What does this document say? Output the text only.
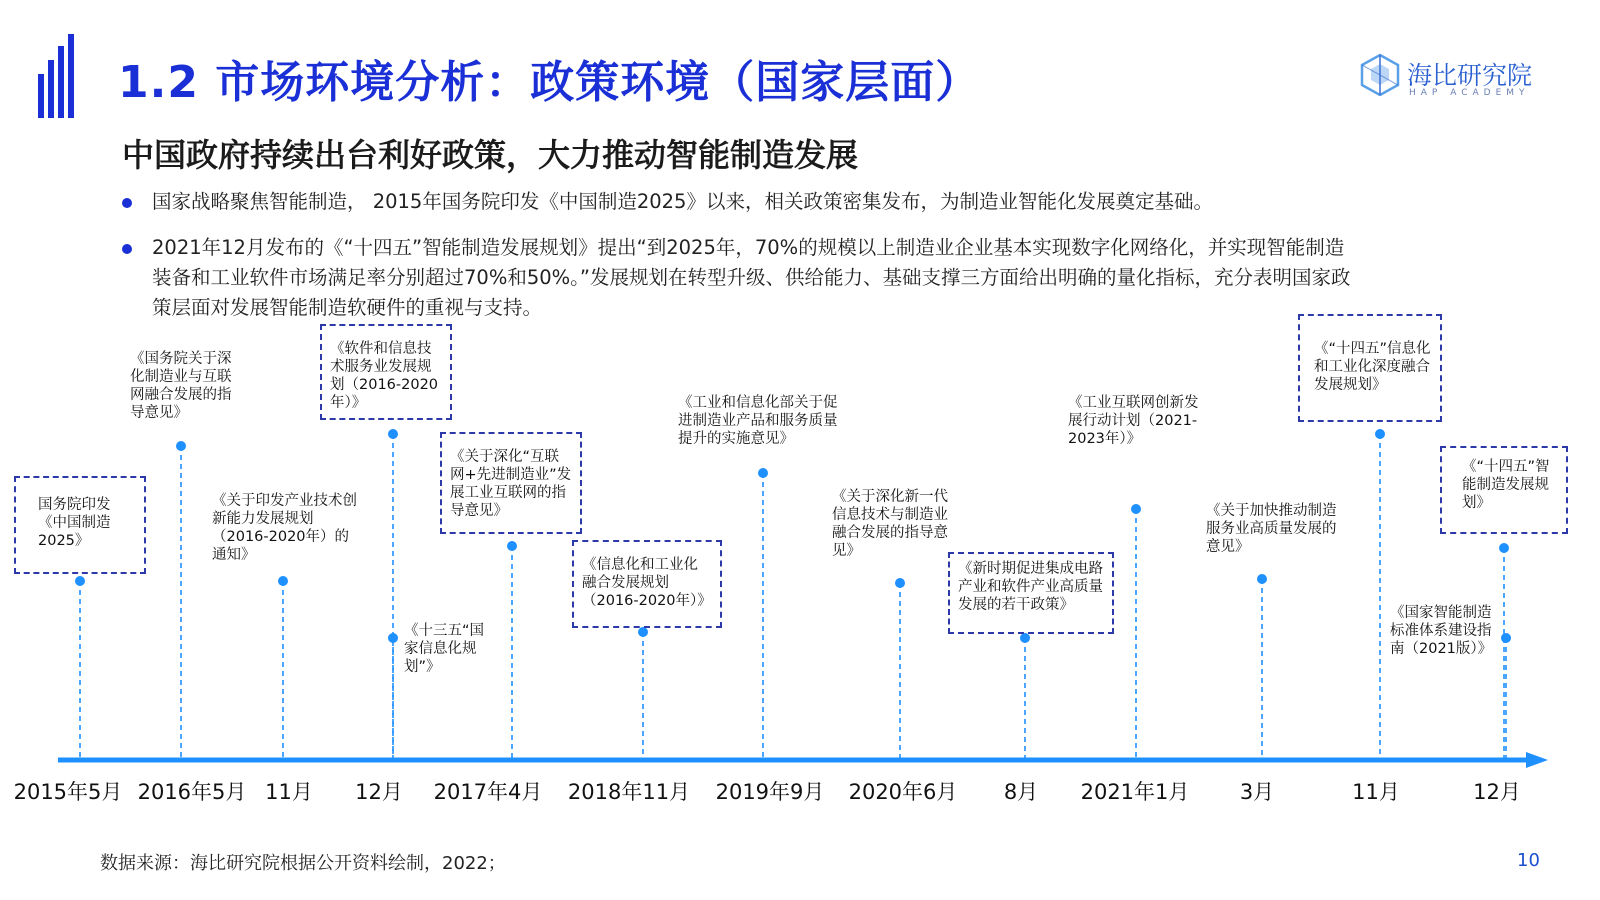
1.2 市场环境分析：政策环境（国家层面）	海比研究院
HAP ACADEMY
中国政府持续出台利好政策，大力推动智能制造发展
国家战略聚焦智能制造， 2015年国务院印发《中国制造2025》以来，相关政策密集发布，为制造业智能化发展奠定基础。
2021年12月发布的《“十四五”智能制造发展规划》提出“到2025年，70%的规模以上制造业企业基本实现数字化网络化，并实现智能制造装备和工业软件市场满足率分别超过70%和50%。”发展规划在转型升级、供给能力、基础支撑三方面给出明确的量化指标，充分表明国家政策层面对发展智能制造软硬件的重视与支持。
国务院印发《中国制造2025》
《国务院关于深化制造业与互联网融合发展的指导意见》
《关于印发产业技术创新能力发展规划（2016-2020年）的通知》
《软件和信息技术服务业发展规划（2016-2020年）》
《十三五“国家信息化规划”》
《关于深化“互联网+先进制造业”发展工业互联网的指导意见》
《信息化和工业化融合发展规划（2016-2020年）》
《工业和信息化部关于促进制造业产品和服务质量提升的实施意见》
《关于深化新一代信息技术与制造业融合发展的指导意见》
《新时期促进集成电路产业和软件产业高质量发展的若干政策》
《工业互联网创新发展行动计划（2021-2023年）》
《关于加快推动制造服务业高质量发展的意见》
《“十四五”信息化和工业化深度融合发展规划》
《国家智能制造标准体系建设指南（2021版）》
《“十四五”智能制造发展规划》
2015年5月 2016年5月 11月 12月 2017年4月 2018年11月 2019年9月 2020年6月 8月 2021年1月 3月	11月	12月
数据来源：海比研究院根据公开资料绘制，2022；	10
